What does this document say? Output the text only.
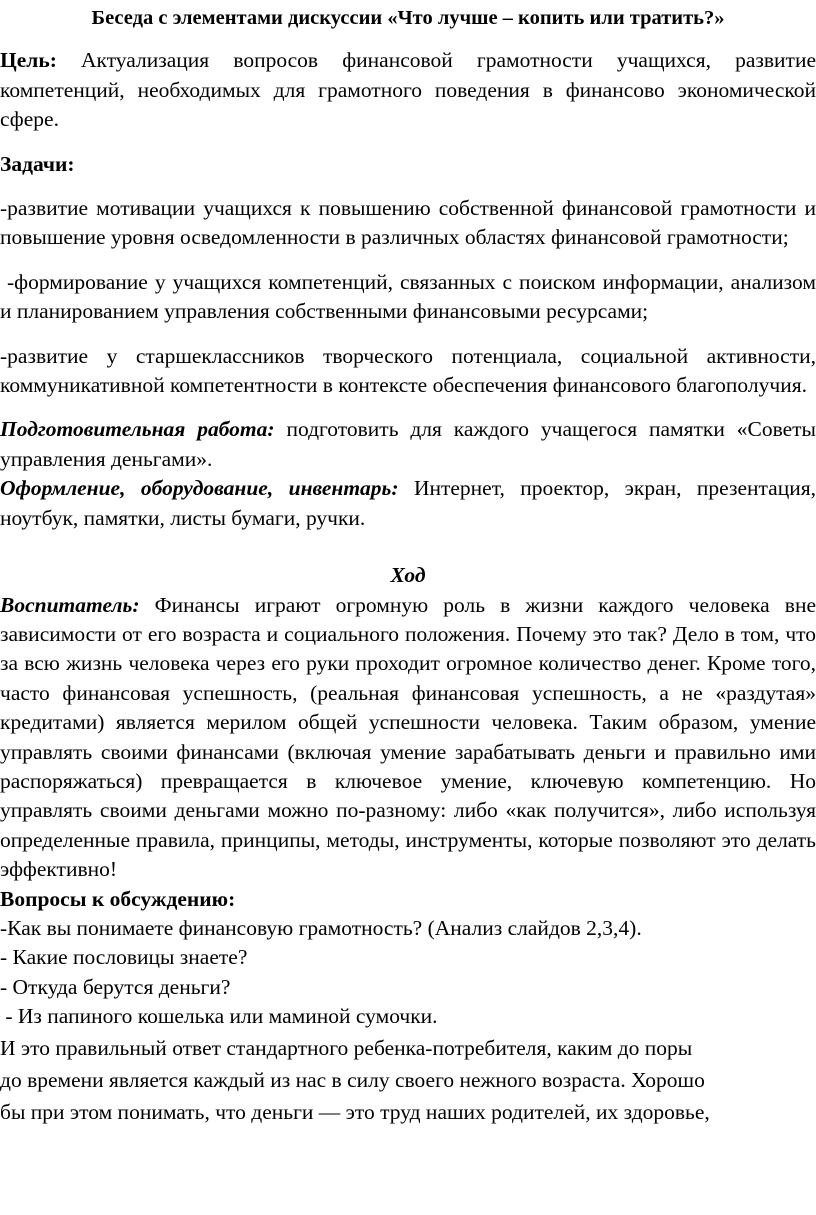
Беседа с элементами дискуссии «Что лучше – копить или тратить?»

Цель: Актуализация вопросов финансовой грамотности учащихся, развитие компетенций, необходимых для грамотного поведения в финансово экономической сфере.

Задачи:

-развитие мотивации учащихся к повышению собственной финансовой грамотности и повышение уровня осведомленности в различных областях финансовой грамотности;

-формирование у учащихся компетенций, связанных с поиском информации, анализом и планированием управления собственными финансовыми ресурсами;

-развитие у старшеклассников творческого потенциала, социальной активности, коммуникативной компетентности в контексте обеспечения финансового благополучия.

Подготовительная работа: подготовить для каждого учащегося памятки «Советы управления деньгами».

Оформление, оборудование, инвентарь: Интернет, проектор, экран, презентация, ноутбук, памятки, листы бумаги, ручки.

Ход

Воспитатель: Финансы играют огромную роль в жизни каждого человека вне зависимости от его возраста и социального положения. Почему это так? Дело в том, что за всю жизнь человека через его руки проходит огромное количество денег. Кроме того, часто финансовая успешность, (реальная финансовая успешность, а не «раздутая» кредитами) является мерилом общей успешности человека. Таким образом, умение управлять своими финансами (включая умение зарабатывать деньги и правильно ими распоряжаться) превращается в ключевое умение, ключевую компетенцию. Но управлять своими деньгами можно по-разному: либо «как получится», либо используя определенные правила, принципы, методы, инструменты, которые позволяют это делать эффективно!

Вопросы к обсуждению:

-Как вы понимаете финансовую грамотность? (Анализ слайдов 2,3,4).

- Какие пословицы знаете?

- Откуда берутся деньги?

- Из папиного кошелька или маминой сумочки.

И это правильный ответ стандартного ребенка-потребителя, каким до поры

до времени является каждый из нас в силу своего нежного возраста. Хорошо

бы при этом понимать, что деньги — это труд наших родителей, их здоровье,
